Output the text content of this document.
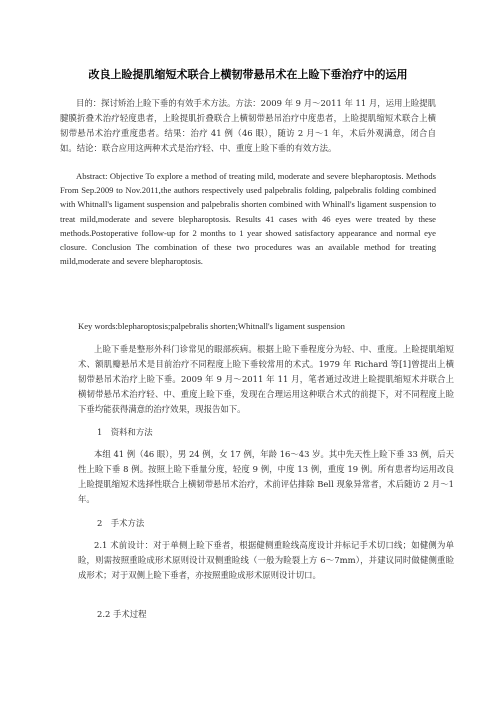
改良上睑提肌缩短术联合上横韧带悬吊术在上睑下垂治疗中的运用

目的：探讨矫治上睑下垂的有效手术方法。方法：2009 年 9 月～2011 年 11 月，运用上睑提肌腱膜折叠术治疗轻度患者，上睑提肌折叠联合上横韧带悬吊治疗中度患者，上睑提肌缩短术联合上横韧带悬吊术治疗重度患者。结果：治疗 41 例（46 眼），随访 2 月～1 年，术后外观满意，闭合自如。结论：联合应用这两种术式是治疗轻、中、重度上睑下垂的有效方法。

Abstract: Objective To explore a method of treating mild, moderate and severe blepharoptosis. Methods From Sep.2009 to Nov.2011,the authors respectively used palpebralis folding, palpebralis folding combined with Whitnall's ligament suspension and palpebralis shorten combined with Whinall's ligament suspension to treat mild,moderate and severe blepharoptosis. Results 41 cases with 46 eyes were treated by these methods.Postoperative follow-up for 2 months to 1 year showed satisfactory appearance and normal eye closure. Conclusion The combination of these two procedures was an available method for treating mild,moderate and severe blepharoptosis.

Key words:blepharoptosis;palpebralis shorten;Whitnall's ligament suspension

上睑下垂是整形外科门诊常见的眼部疾病。根据上睑下垂程度分为轻、中、重度。上睑提肌缩短术、额肌瓣悬吊术是目前治疗不同程度上睑下垂较常用的术式。1979 年 Richard 等[1]曾提出上横韧带悬吊术治疗上睑下垂。2009 年 9 月～2011 年 11 月，笔者通过改进上睑提肌缩短术并联合上横韧带悬吊术治疗轻、中、重度上睑下垂，发现在合理运用这种联合术式的前提下，对不同程度上睑下垂均能获得满意的治疗效果，现报告如下。

1　资料和方法

本组 41 例（46 眼），男 24 例，女 17 例，年龄 16～43 岁。其中先天性上睑下垂 33 例，后天性上睑下垂 8 例。按照上睑下垂量分度，轻度 9 例，中度 13 例，重度 19 例。所有患者均运用改良上睑提肌缩短术选择性联合上横韧带悬吊术治疗，术前评估排除 Bell 现象异常者，术后随访 2 月～1 年。

2　手术方法

2.1 术前设计：对于单侧上睑下垂者，根据健侧重睑线高度设计并标记手术切口线；如健侧为单睑，则需按照重睑成形术原则设计双侧重睑线（一般为睑裂上方 6～7mm），并建议同时做健侧重睑成形术；对于双侧上睑下垂者，亦按照重睑成形术原则设计切口。

2.2 手术过程
